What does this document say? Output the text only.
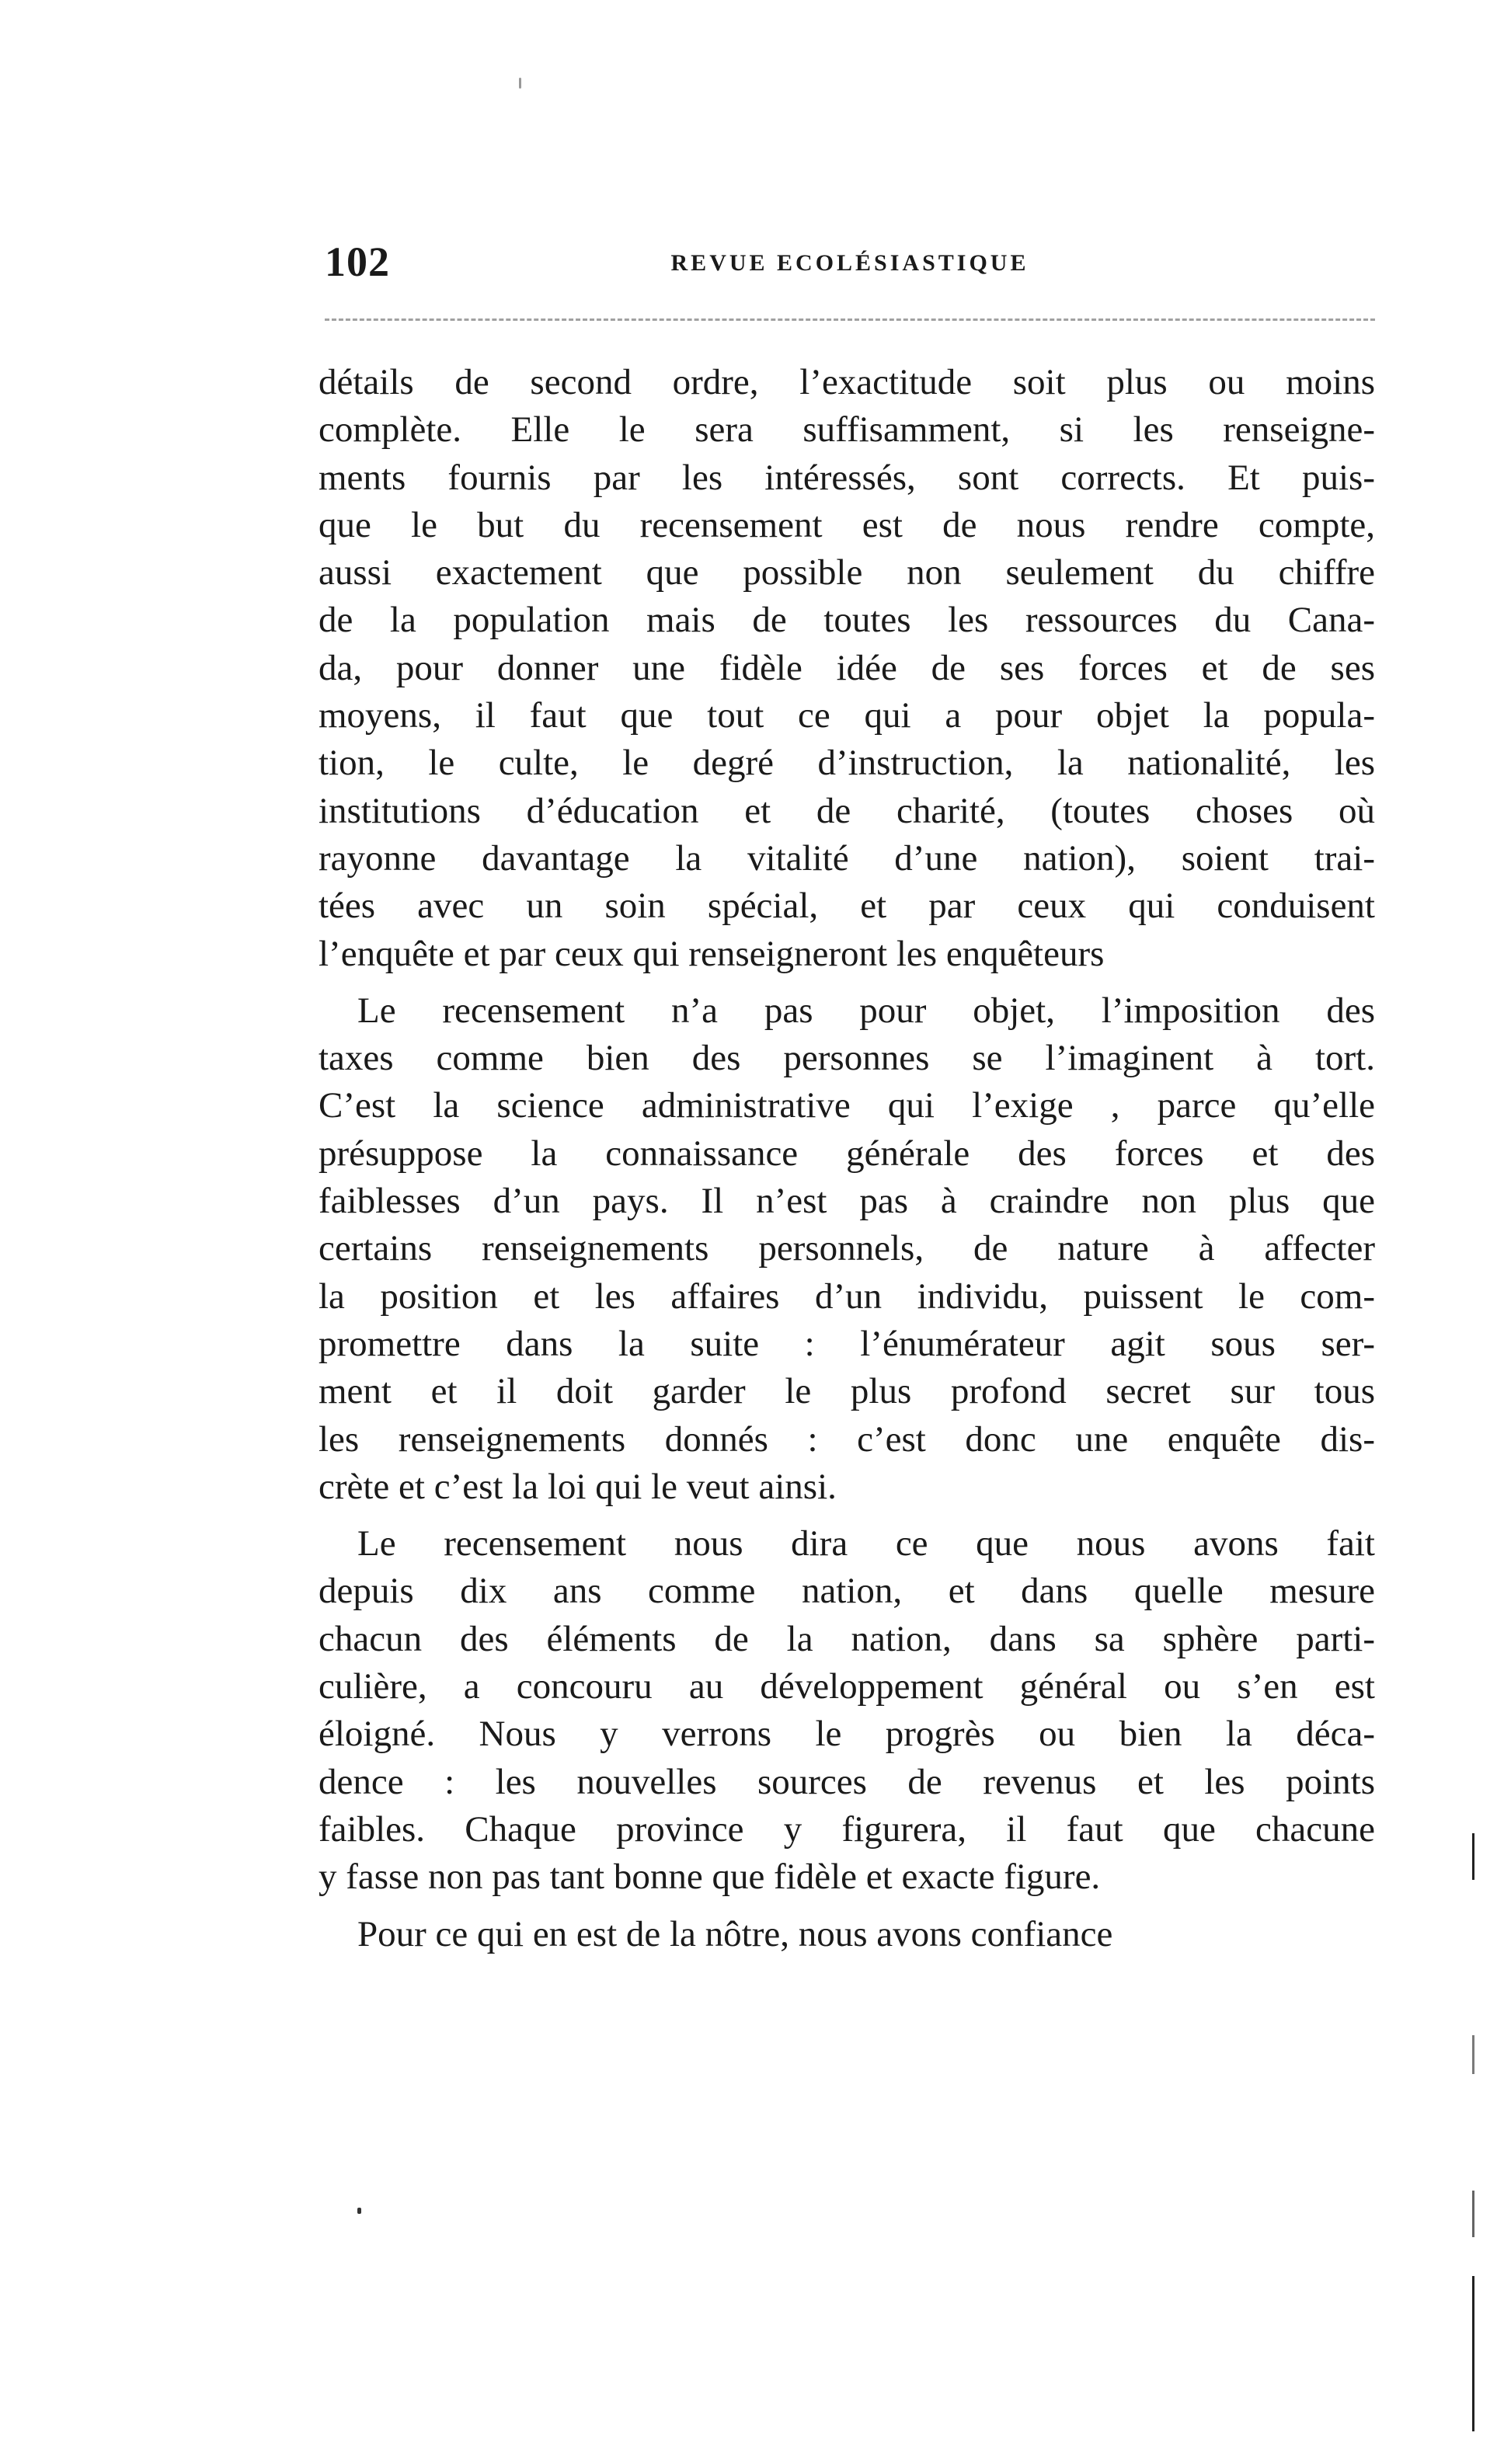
102	REVUE ECOLÉSIASTIQUE
détails de second ordre, l’exactitude soit plus ou moins
complète. Elle le sera suffisamment, si les renseigne-
ments fournis par les intéressés, sont corrects. Et puis-
que le but du recensement est de nous rendre compte,
aussi exactement que possible non seulement du chiffre
de la population mais de toutes les ressources du Cana-
da, pour donner une fidèle idée de ses forces et de ses
moyens, il faut que tout ce qui a pour objet la popula-
tion, le culte, le degré d’instruction, la nationalité, les
institutions d’éducation et de charité, (toutes choses où
rayonne davantage la vitalité d’une nation), soient trai-
tées avec un soin spécial, et par ceux qui conduisent
l’enquête et par ceux qui renseigneront les enquêteurs
Le recensement n’a pas pour objet, l’imposition des
taxes comme bien des personnes se l’imaginent à tort.
C’est la science administrative qui l’exige , parce qu’elle
présuppose la connaissance générale des forces et des
faiblesses d’un pays. Il n’est pas à craindre non plus que
certains renseignements personnels, de nature à affecter
la position et les affaires d’un individu, puissent le com-
promettre dans la suite : l’énumérateur agit sous ser-
ment et il doit garder le plus profond secret sur tous
les renseignements donnés : c’est donc une enquête dis-
crète et c’est la loi qui le veut ainsi.
Le recensement nous dira ce que nous avons fait
depuis dix ans comme nation, et dans quelle mesure
chacun des éléments de la nation, dans sa sphère parti-
culière, a concouru au développement général ou s’en est
éloigné. Nous y verrons le progrès ou bien la déca-
dence : les nouvelles sources de revenus et les points
faibles. Chaque province y figurera, il faut que chacune
y fasse non pas tant bonne que fidèle et exacte figure.
Pour ce qui en est de la nôtre, nous avons confiance
